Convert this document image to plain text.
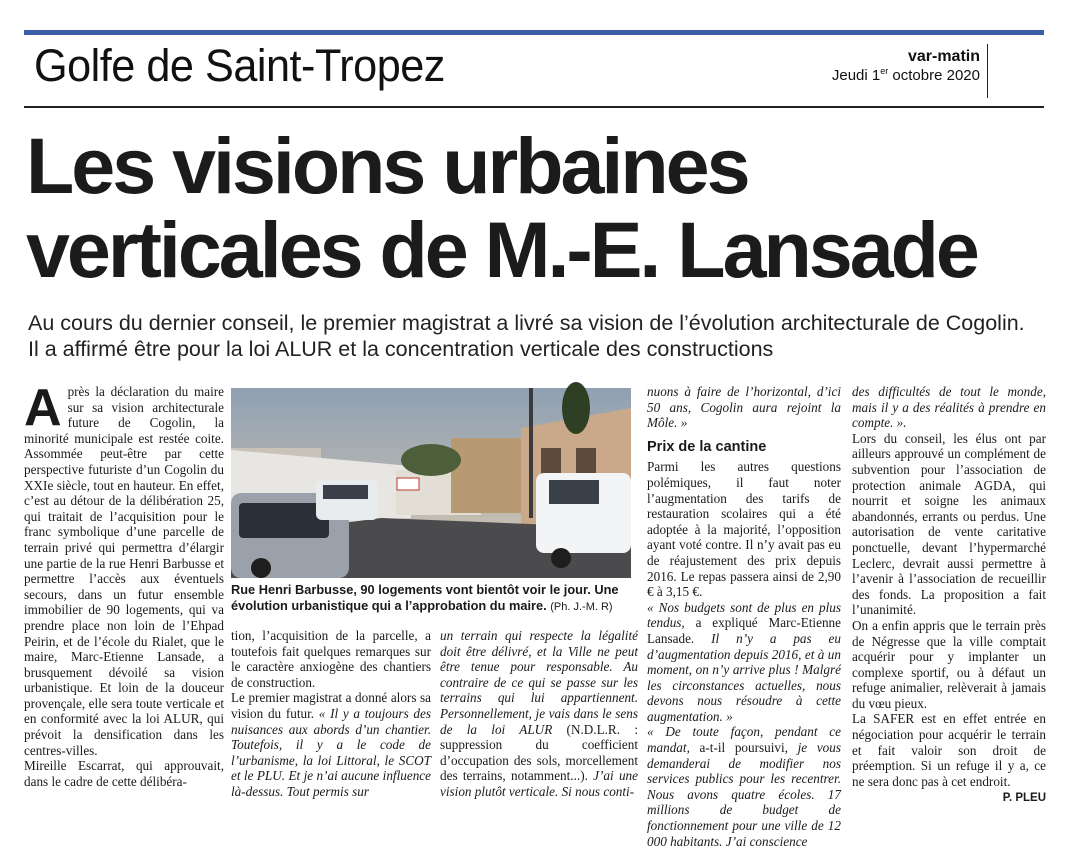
Golfe de Saint-Tropez	var-matin
Jeudi 1er octobre 2020
Les visions urbaines
verticales de M.-E. Lansade
Au cours du dernier conseil, le premier magistrat a livré sa vision de l’évolution architecturale de Cogolin. Il a affirmé être pour la loi ALUR et la concentration verticale des constructions
A près la déclaration du maire sur sa vision architecturale future de Cogolin, la minorité municipale est restée coite. Assommée peut-être par cette perspective futuriste d’un Cogolin du XXIe siècle, tout en hauteur. En effet, c’est au détour de la délibération 25, qui traitait de l’acquisition pour le franc symbolique d’une parcelle de terrain privé qui permettra d’élargir une partie de la rue Henri Barbusse et permettre l’accès aux éventuels secours, dans un futur ensemble immobilier de 90 logements, qui va prendre place non loin de l’Ehpad Peirin, et de l’école du Rialet, que le maire, Marc-Etienne Lansade, a brusquement dévoilé sa vision urbanistique. Et loin de la douceur provençale, elle sera toute verticale et en conformité avec la loi ALUR, qui prévoit la densification dans les centres-villes.

Mireille Escarrat, qui approuvait, dans le cadre de cette délibéra-

Rue Henri Barbusse, 90 logements vont bientôt voir le jour. Une évolution urbanistique qui a l’approbation du maire. (Ph. J.-M. R)

tion, l’acquisition de la parcelle, a toutefois fait quelques remarques sur le caractère anxiogène des chantiers de construction.

Le premier magistrat a donné alors sa vision du futur. « Il y a toujours des nuisances aux abords d’un chantier. Toutefois, il y a le code de l’urbanisme, la loi Littoral, le SCOT et le PLU. Et je n’ai aucune influence là-dessus. Tout permis sur

un terrain qui respecte la légalité doit être délivré, et la Ville ne peut être tenue pour responsable. Au contraire de ce qui se passe sur les terrains qui lui appartiennent. Personnellement, je vais dans le sens de la loi ALUR (N.D.L.R. : suppression du coefficient d’occupation des sols, morcellement des terrains, notamment...). J’ai une vision plutôt verticale. Si nous conti-

nuons à faire de l’horizontal, d’ici 50 ans, Cogolin aura rejoint la Môle. »

Prix de la cantine

Parmi les autres questions polémiques, il faut noter l’augmentation des tarifs de restauration scolaires qui a été adoptée à la majorité, l’opposition ayant voté contre. Il n’y avait pas eu de réajustement des prix depuis 2016. Le repas passera ainsi de 2,90 € à 3,15 €.

« Nos budgets sont de plus en plus tendus, a expliqué Marc-Etienne Lansade. Il n’y a pas eu d’augmentation depuis 2016, et à un moment, on n’y arrive plus ! Malgré les circonstances actuelles, nous devons nous résoudre à cette augmentation. »

« De toute façon, pendant ce mandat, a-t-il poursuivi, je vous demanderai de modifier nos services publics pour les recentrer. Nous avons quatre écoles. 17 millions de budget de fonctionnement pour une ville de 12 000 habitants. J’ai conscience

des difficultés de tout le monde, mais il y a des réalités à prendre en compte. ».

Lors du conseil, les élus ont par ailleurs approuvé un complément de subvention pour l’association de protection animale AGDA, qui nourrit et soigne les animaux abandonnés, errants ou perdus. Une autorisation de vente caritative ponctuelle, devant l’hypermarché Leclerc, devrait aussi permettre à l’avenir à l’association de recueillir des fonds. La proposition a fait l’unanimité.

On a enfin appris que le terrain près de Négresse que la ville comptait acquérir pour y implanter un complexe sportif, ou à défaut un refuge animalier, relèverait à jamais du vœu pieux.

La SAFER est en effet entrée en négociation pour acquérir le terrain et fait valoir son droit de préemption. Si un refuge il y a, ce ne sera donc pas à cet endroit.

P. PLEU
